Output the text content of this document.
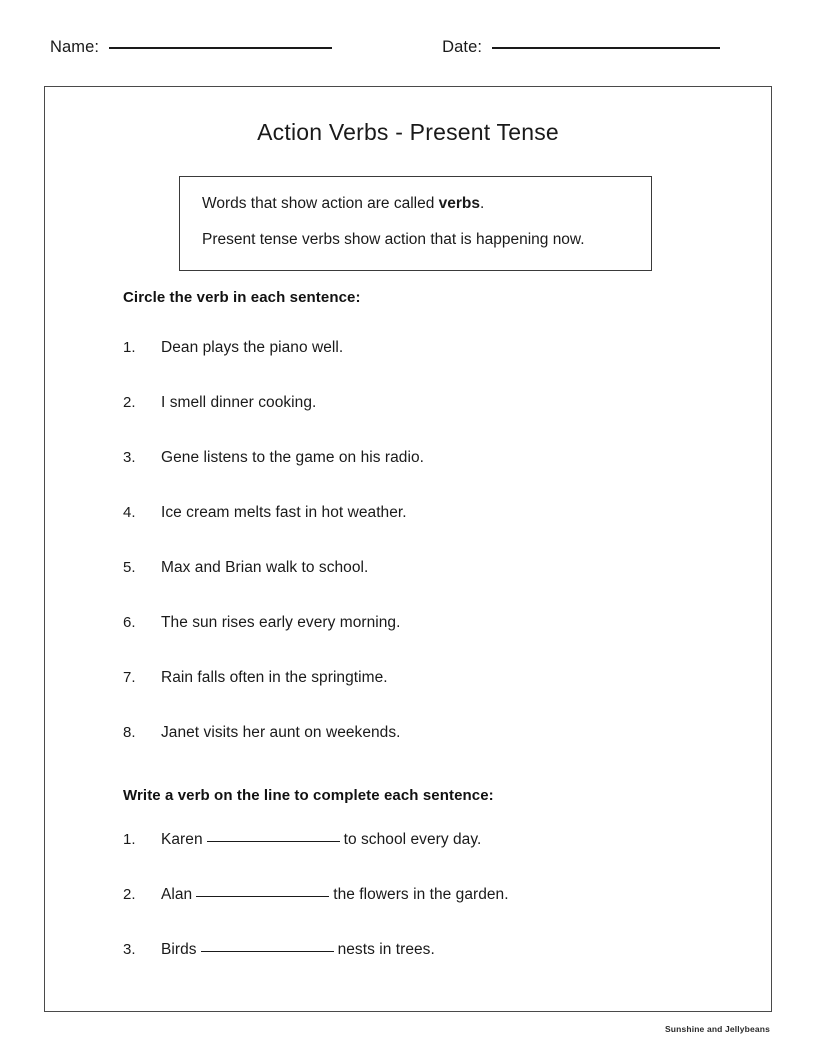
Name:	Date:
Action Verbs - Present Tense
Words that show action are called verbs.
Present tense verbs show action that is happening now.
Circle the verb in each sentence:
1.	Dean plays the piano well.
2.	I smell dinner cooking.
3.	Gene listens to the game on his radio.
4.	Ice cream melts fast in hot weather.
5.	Max and Brian walk to school.
6.	The sun rises early every morning.
7.	Rain falls often in the springtime.
8.	Janet visits her aunt on weekends.
Write a verb on the line to complete each sentence:
1.	Karen	to school every day.
2.	Alan	the flowers in the garden.
3.	Birds	nests in trees.
Sunshine and Jellybeans
